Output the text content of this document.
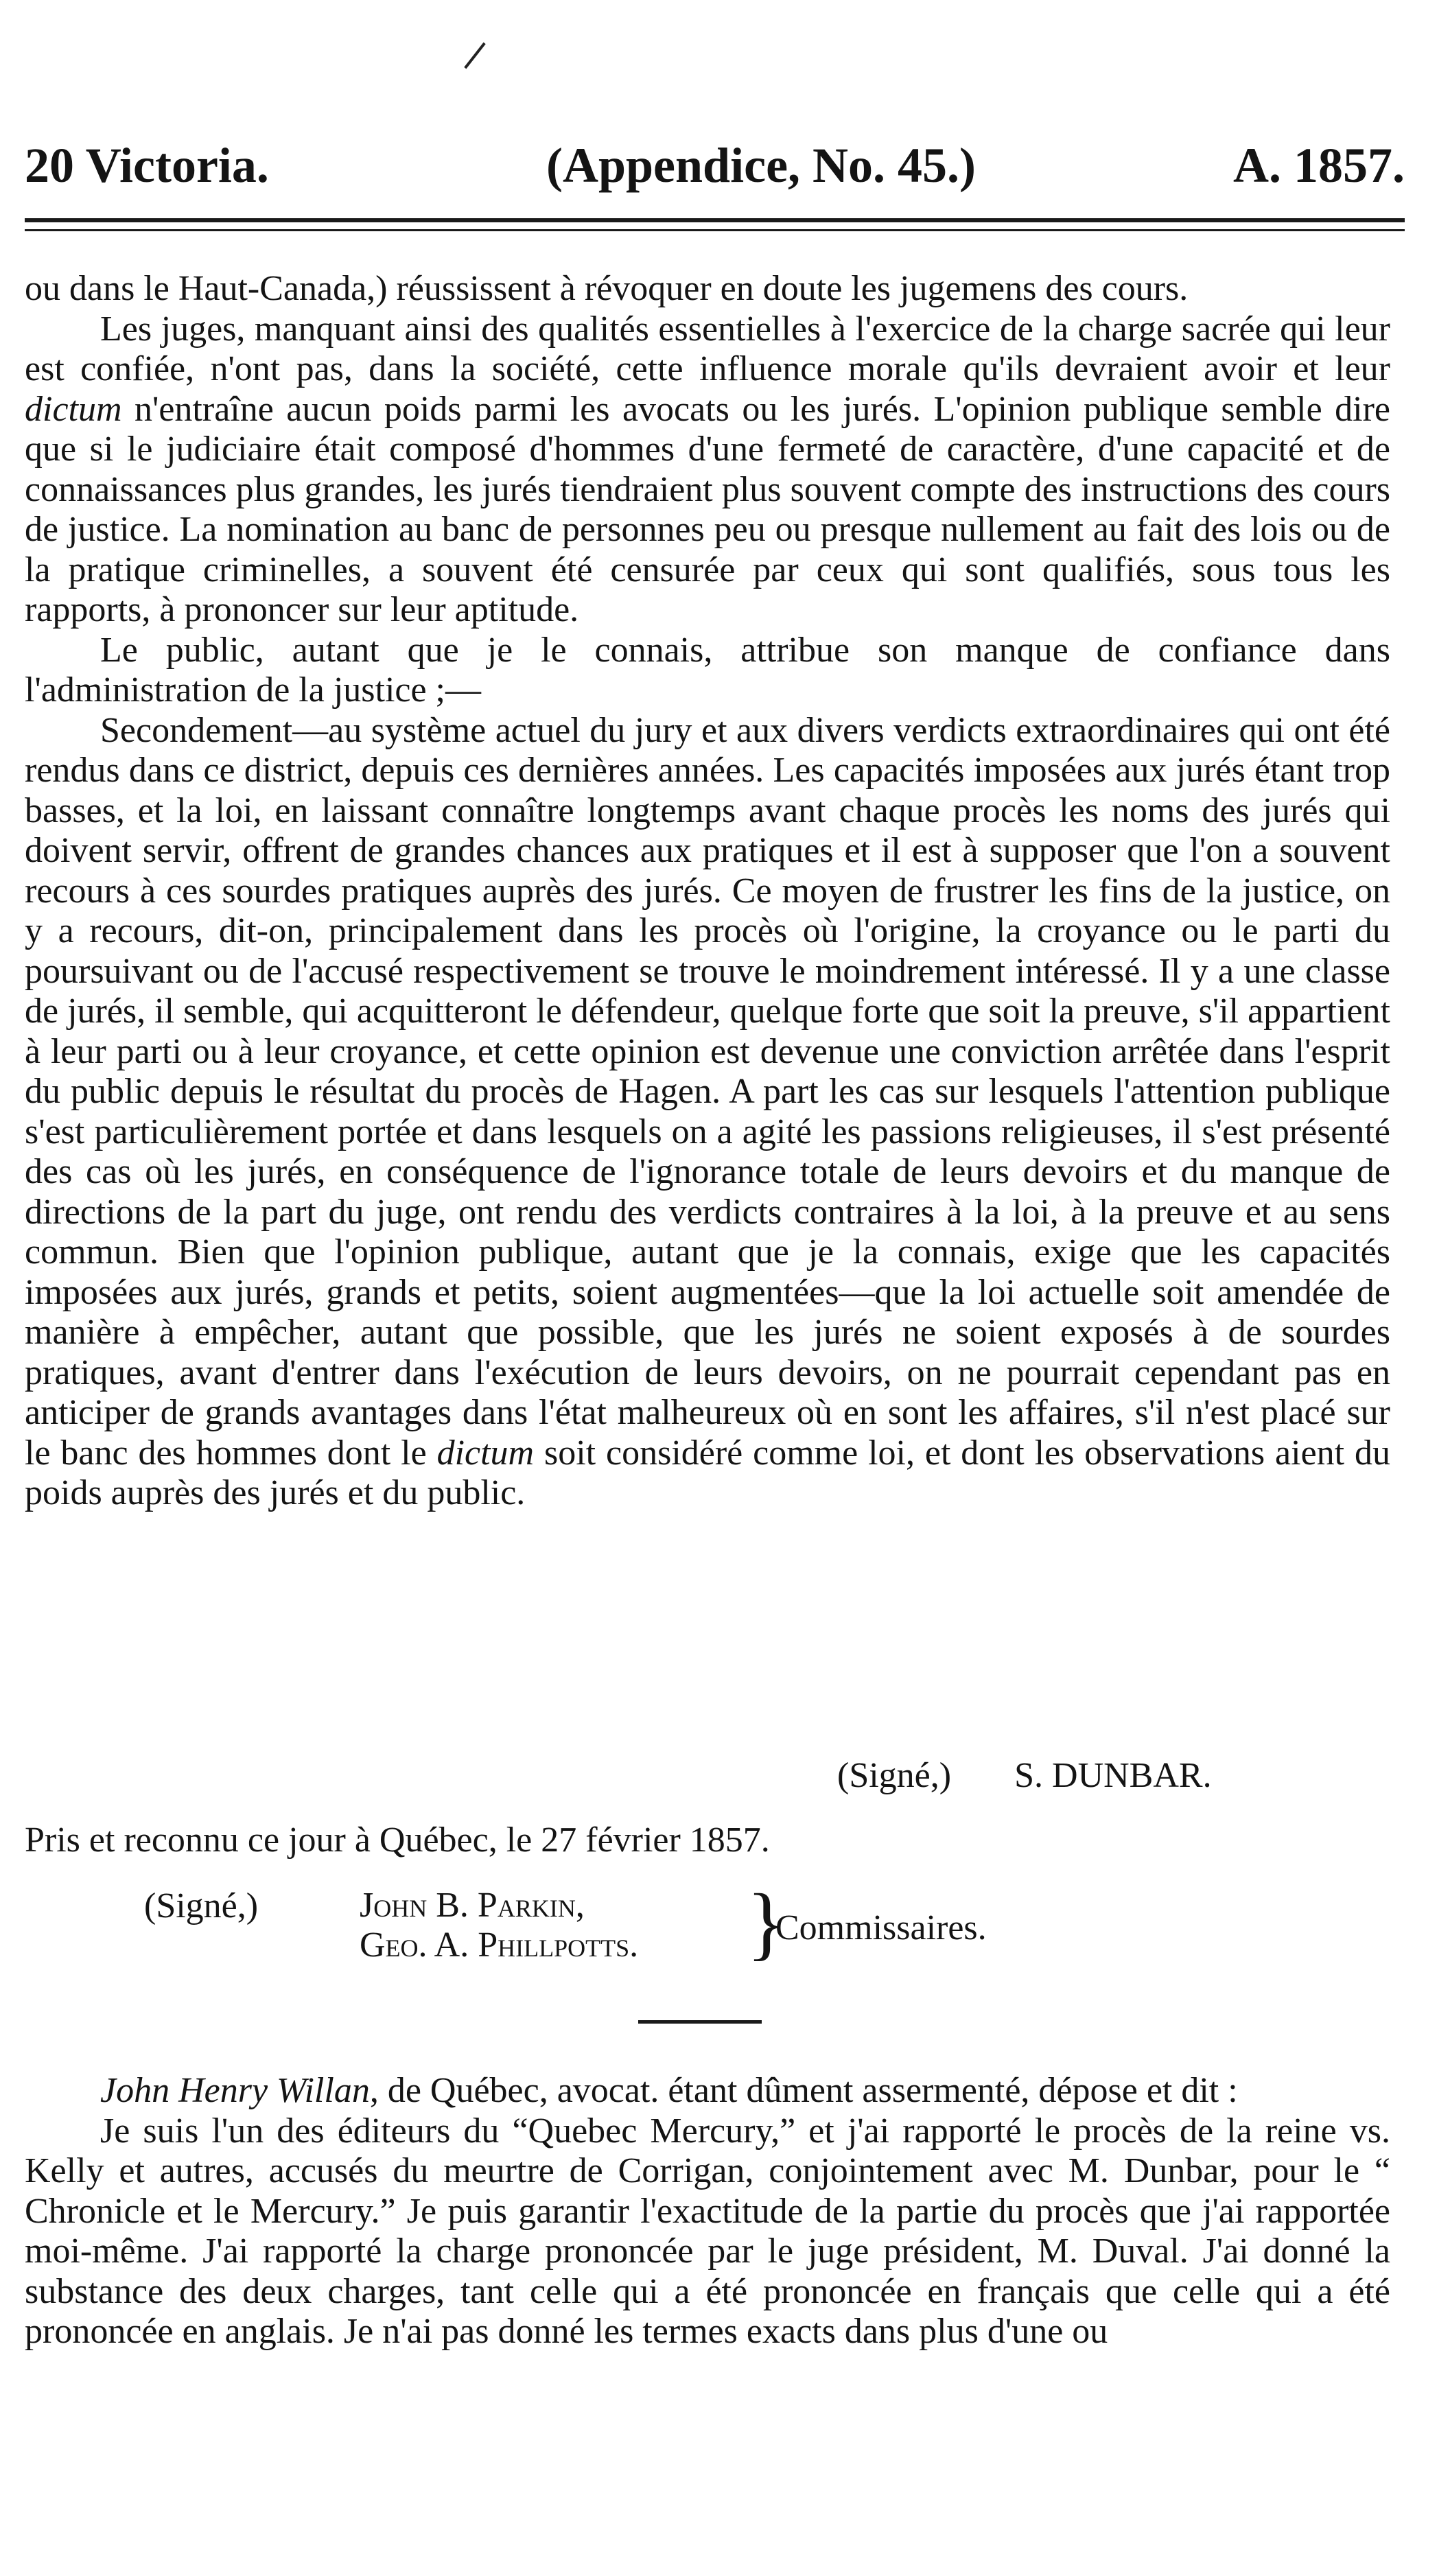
20 Victoria.	(Appendice, No. 45.)	A. 1857.

ou dans le Haut-Canada,) réussissent à révoquer en doute les jugemens des cours.

Les juges, manquant ainsi des qualités essentielles à l'exercice de la charge sacrée qui leur est confiée, n'ont pas, dans la société, cette influence morale qu'ils devraient avoir et leur dictum n'entraîne aucun poids parmi les avocats ou les jurés. L'opinion publique semble dire que si le judiciaire était composé d'hommes d'une fermeté de caractère, d'une capacité et de connaissances plus grandes, les jurés tiendraient plus souvent compte des instructions des cours de justice. La nomination au banc de personnes peu ou presque nullement au fait des lois ou de la pratique criminelles, a souvent été censurée par ceux qui sont qualifiés, sous tous les rapports, à prononcer sur leur aptitude.

Le public, autant que je le connais, attribue son manque de confiance dans l'administration de la justice ;—

Secondement—au système actuel du jury et aux divers verdicts extraordinaires qui ont été rendus dans ce district, depuis ces dernières années. Les capacités imposées aux jurés étant trop basses, et la loi, en laissant connaître longtemps avant chaque procès les noms des jurés qui doivent servir, offrent de grandes chances aux pratiques et il est à supposer que l'on a souvent recours à ces sourdes pratiques auprès des jurés. Ce moyen de frustrer les fins de la justice, on y a recours, dit-on, principalement dans les procès où l'origine, la croyance ou le parti du poursuivant ou de l'accusé respectivement se trouve le moindrement intéressé. Il y a une classe de jurés, il semble, qui acquitteront le défendeur, quelque forte que soit la preuve, s'il appartient à leur parti ou à leur croyance, et cette opinion est devenue une conviction arrêtée dans l'esprit du public depuis le résultat du procès de Hagen. A part les cas sur lesquels l'attention publique s'est particulièrement portée et dans lesquels on a agité les passions religieuses, il s'est présenté des cas où les jurés, en conséquence de l'ignorance totale de leurs devoirs et du manque de directions de la part du juge, ont rendu des verdicts contraires à la loi, à la preuve et au sens commun. Bien que l'opinion publique, autant que je la connais, exige que les capacités imposées aux jurés, grands et petits, soient augmentées—que la loi actuelle soit amendée de manière à empêcher, autant que possible, que les jurés ne soient exposés à de sourdes pratiques, avant d'entrer dans l'exécution de leurs devoirs, on ne pourrait cependant pas en anticiper de grands avantages dans l'état malheureux où en sont les affaires, s'il n'est placé sur le banc des hommes dont le dictum soit considéré comme loi, et dont les observations aient du poids auprès des jurés et du public.

(Signé,) S. DUNBAR.
Pris et reconnu ce jour à Québec, le 27 février 1857.
(Signé,)	John B. Parkin,
Geo. A. Phillpotts. }
Commissaires.

John Henry Willan, de Québec, avocat. étant dûment assermenté, dépose et dit :

Je suis l'un des éditeurs du “Quebec Mercury,” et j'ai rapporté le procès de la reine vs. Kelly et autres, accusés du meurtre de Corrigan, conjointement avec M. Dunbar, pour le “ Chronicle et le Mercury.” Je puis garantir l'exactitude de la partie du procès que j'ai rapportée moi-même. J'ai rapporté la charge prononcée par le juge président, M. Duval. J'ai donné la substance des deux charges, tant celle qui a été prononcée en français que celle qui a été prononcée en anglais. Je n'ai pas donné les termes exacts dans plus d'une ou
